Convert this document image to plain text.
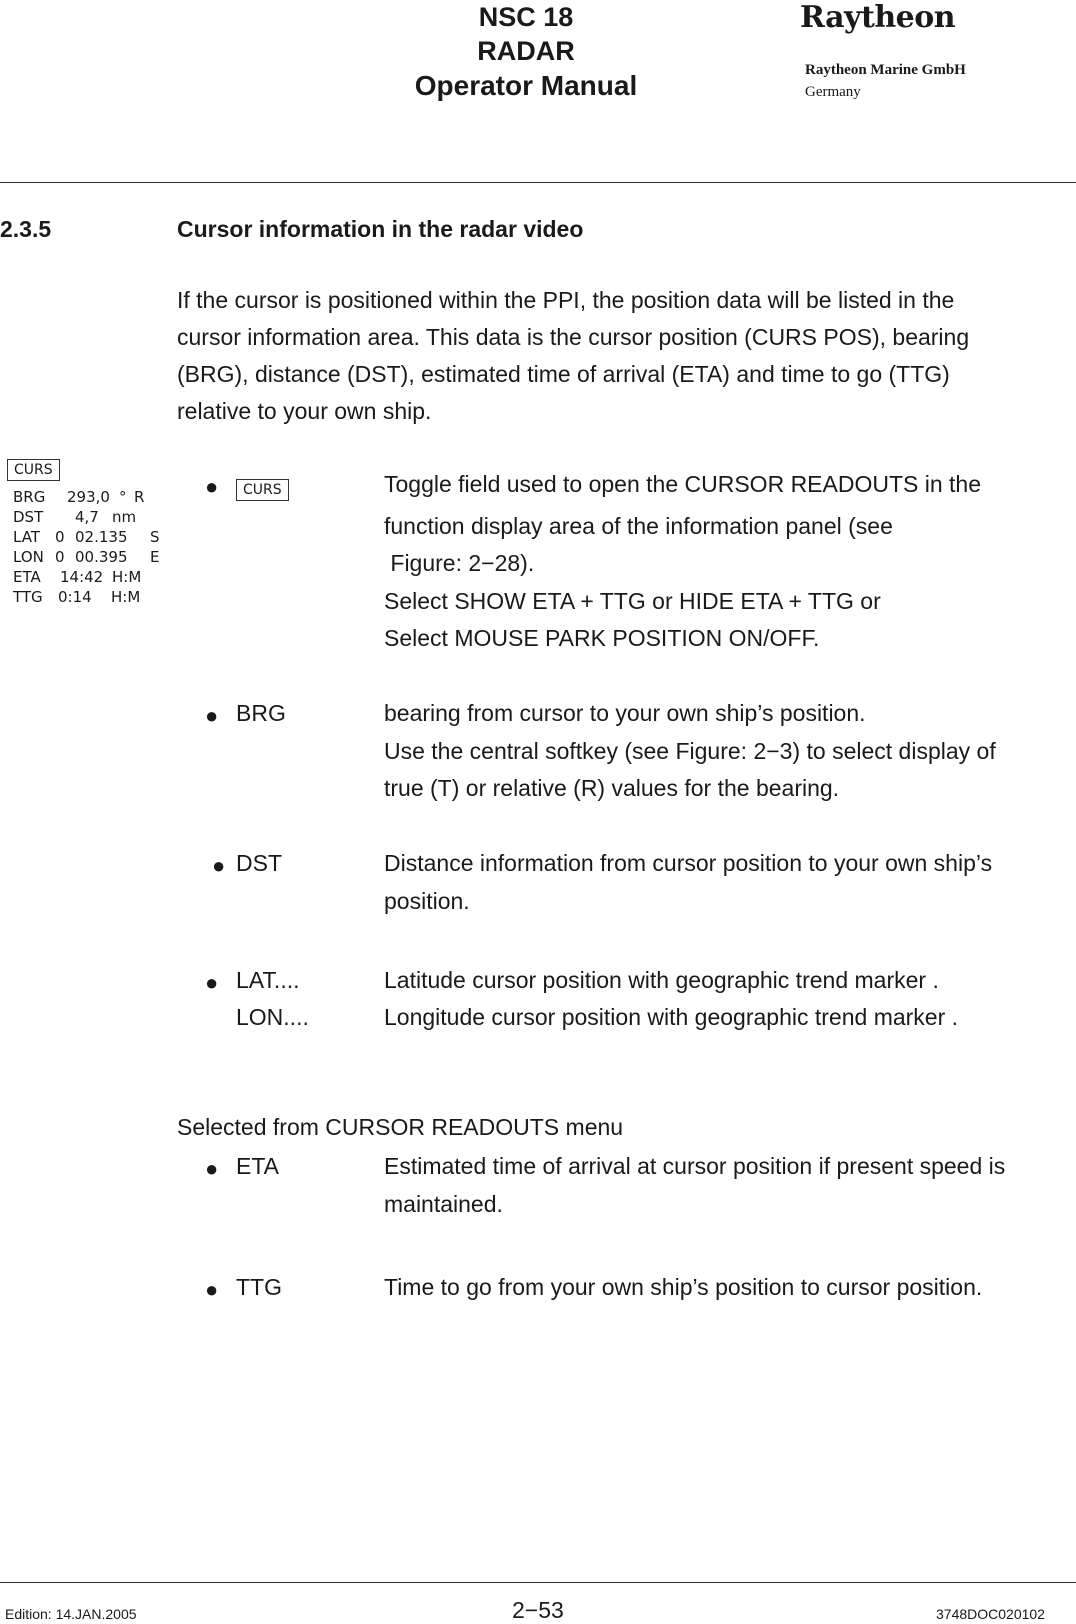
NSC 18
RADAR
Operator Manual
Raytheon
Raytheon Marine GmbH
Germany
2.3.5	Cursor information in the radar video

If the cursor is positioned within the PPI, the position data will be listed in the
cursor information area. This data is the cursor position (CURS POS), bearing
(BRG), distance (DST), estimated time of arrival (ETA) and time to go (TTG)
relative to your own ship.

CURS
BRG 293,0 ° R
DST 4,7 nm
LAT 0 02.135 S
LON 0 00.395 E
ETA 14:42 H:M
TTG 0:14 H:M
●	CURS	Toggle field used to open the CURSOR READOUTS in the
function display area of the information panel (see
Figure: 2−28).
Select SHOW ETA + TTG or HIDE ETA + TTG or
Select MOUSE PARK POSITION ON/OFF.

● BRG	bearing from cursor to your own ship’s position.
Use the central softkey (see Figure: 2−3) to select display of
true (T) or relative (R) values for the bearing.

● DST	Distance information from cursor position to your own ship’s
position.

● LAT....	Latitude cursor position with geographic trend marker .
LON....	Longitude cursor position with geographic trend marker .
Selected from CURSOR READOUTS menu
● ETA	Estimated time of arrival at cursor position if present speed is
maintained.

● TTG	Time to go from your own ship’s position to cursor position.
Edition: 14.JAN.2005	2−53	3748DOC020102
